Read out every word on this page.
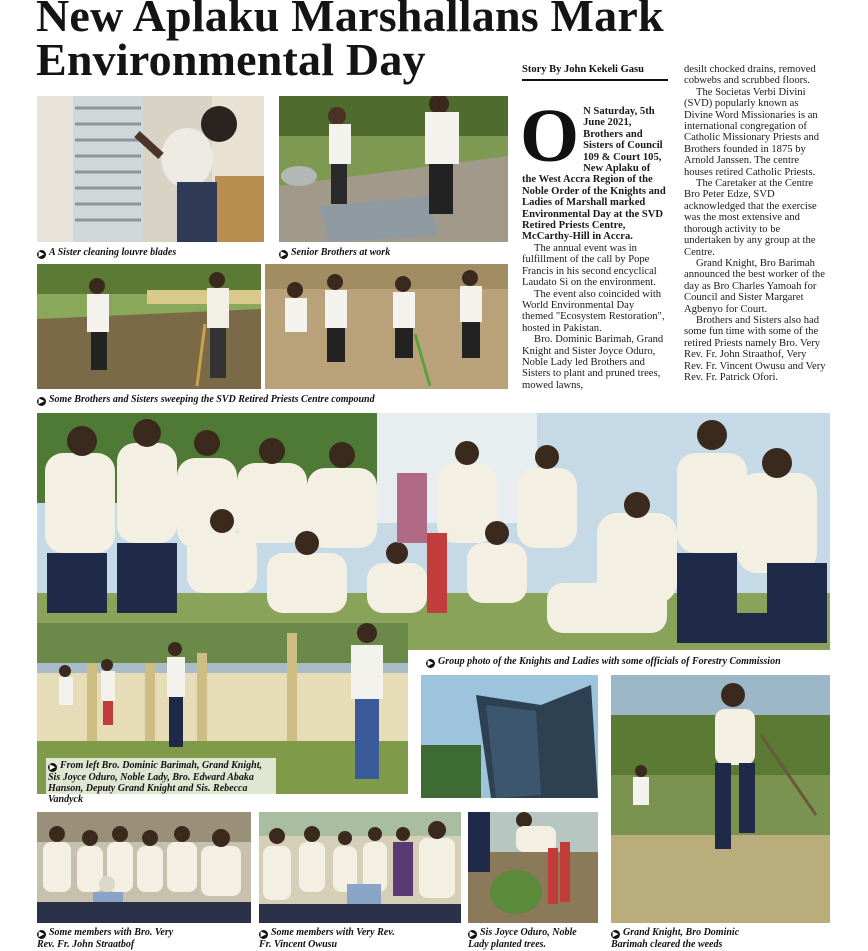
New Aplaku Marshallans Mark Environmental Day
▶ A Sister cleaning louvre blades	▶ Senior Brothers at work
▶ Some Brothers and Sisters sweeping the SVD Retired Priests Centre compound
Story By John Kekeli Gasu
O N Saturday, 5th June 2021, Brothers and Sisters of Council 109 & Court 105, New Aplaku of the West Accra Region of the Noble Order of the Knights and Ladies of Marshall marked Environmental Day at the SVD Retired Priests Centre, McCarthy-Hill in Accra.

The annual event was in fulfillment of the call by Pope Francis in his second encyclical Laudato Si on the environment.

The event also coincided with World Environmental Day themed "Ecosystem Restoration", hosted in Pakistan.

Bro. Dominic Barimah, Grand Knight and Sister Joyce Oduro, Noble Lady led Brothers and Sisters to plant and pruned trees, mowed lawns,

desilt chocked drains, removed cobwebs and scrubbed floors.

The Societas Verbi Divini (SVD) popularly known as Divine Word Missionaries is an international congregation of Catholic Missionary Priests and Brothers founded in 1875 by Arnold Janssen. The centre houses retired Catholic Priests.

The Caretaker at the Centre Bro Peter Edze, SVD acknowledged that the exercise was the most extensive and thorough activity to be undertaken by any group at the Centre.

Grand Knight, Bro Barimah announced the best worker of the day as Bro Charles Yamoah for Council and Sister Margaret Agbenyo for Court.

Brothers and Sisters also had some fun time with some of the retired Priests namely Bro. Very Rev. Fr. John Straathof, Very Rev. Fr. Vincent Owusu and Very Rev. Fr. Patrick Ofori.

▶ Group photo of the Knights and Ladies with some officials of Forestry Commission
▶ From left Bro. Dominic Barimah, Grand Knight, Sis Joyce Oduro, Noble Lady, Bro. Edward Abaka Hanson, Deputy Grand Knight and Sis. Rebecca Vandyck
▶ Some members with Bro. Very Rev. Fr. John Straatbof
▶ Some members with Very Rev. Fr. Vincent Owusu
▶ Sis Joyce Oduro, Noble Lady planted trees.
▶ Grand Knight, Bro Dominic Barimah cleared the weeds
